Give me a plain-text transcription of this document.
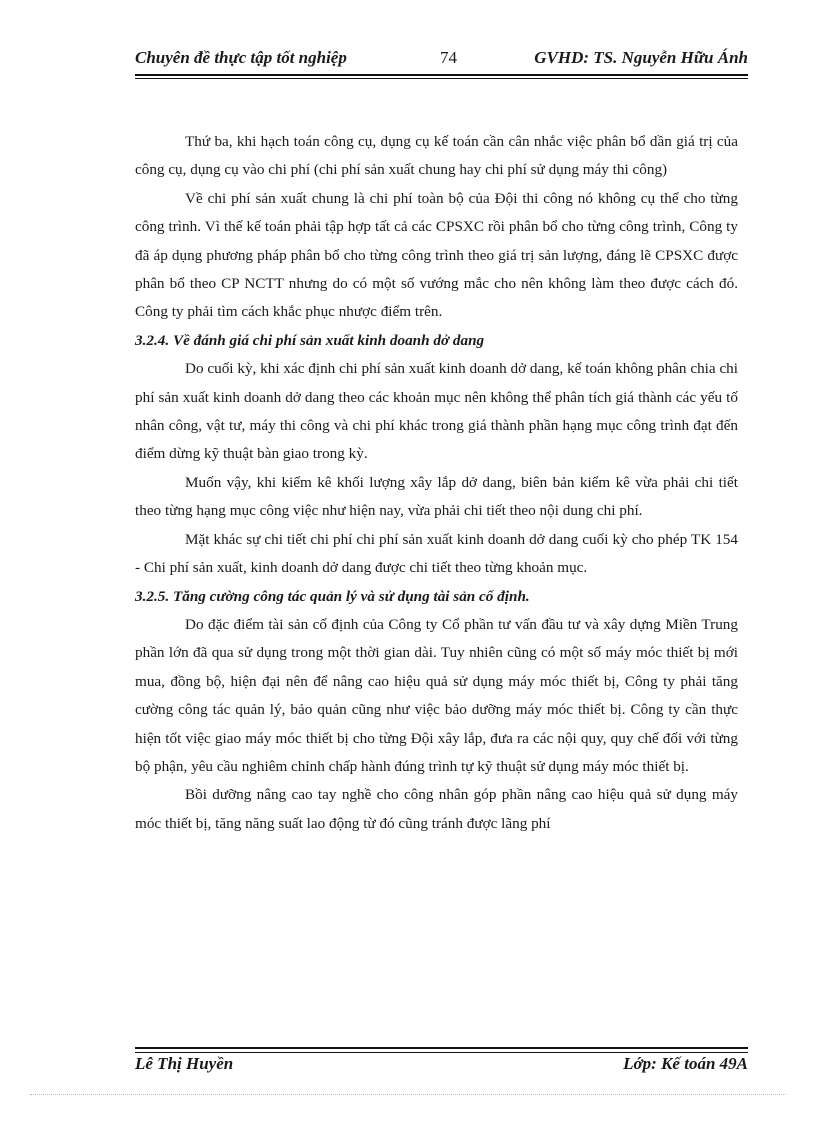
Chuyên đề thực tập tốt nghiệp	74	GVHD: TS. Nguyễn Hữu Ánh

Thứ ba, khi hạch toán công cụ, dụng cụ kế toán cần cân nhắc việc phân bổ dần giá trị của công cụ, dụng cụ vào chi phí (chi phí sản xuất chung hay chi phí sử dụng máy thi công)

Về chi phí sản xuất chung là chi phí toàn bộ của Đội thi công nó không cụ thể cho từng công trình. Vì thế kế toán phải tập hợp tất cả các CPSXC rồi phân bổ cho từng công trình, Công ty đã áp dụng phương pháp phân bổ cho từng công trình theo giá trị sản lượng, đáng lẽ CPSXC được phân bổ theo CP NCTT nhưng do có một số vướng mắc cho nên không làm theo được cách đó. Công ty phải tìm cách khắc phục nhược điểm trên.

3.2.4. Về đánh giá chi phí sản xuất kinh doanh dở dang

Do cuối kỳ, khi xác định chi phí sản xuất kinh doanh dở dang, kế toán không phân chia chi phí sản xuất kinh doanh dở dang theo các khoản mục nên không thể phân tích giá thành các yếu tố nhân công, vật tư, máy thi công và chi phí khác trong giá thành phần hạng mục công trình đạt đến điểm dừng kỹ thuật bàn giao trong kỳ.

Muốn vậy, khi kiểm kê khối lượng xây lắp dở dang, biên bản kiểm kê vừa phải chi tiết theo từng hạng mục công việc như hiện nay, vừa phải chi tiết theo nội dung chi phí.

Mặt khác sự chi tiết chi phí chi phí sản xuất kinh doanh dở dang cuối kỳ cho phép TK 154 - Chi phí sản xuất, kinh doanh dở dang được chi tiết theo từng khoản mục.

3.2.5. Tăng cường công tác quản lý và sử dụng tài sản cố định.

Do đặc điểm tài sản cố định của Công ty Cổ phần tư vấn đầu tư và xây dựng Miền Trung phần lớn đã qua sử dụng trong một thời gian dài. Tuy nhiên cũng có một số máy móc thiết bị mới mua, đồng bộ, hiện đại nên để nâng cao hiệu quả sử dụng máy móc thiết bị, Công ty phải tăng cường công tác quản lý, bảo quản cũng như việc bảo dưỡng máy móc thiết bị. Công ty cần thực hiện tốt việc giao máy móc thiết bị cho từng Đội xây lắp, đưa ra các nội quy, quy chế đối với từng bộ phận, yêu cầu nghiêm chỉnh chấp hành đúng trình tự kỹ thuật sử dụng máy móc thiết bị.

Bồi dưỡng nâng cao tay nghề cho công nhân góp phần nâng cao hiệu quả sử dụng máy móc thiết bị, tăng năng suất lao động từ đó cũng tránh được lãng phí

Lê Thị Huyền	Lớp: Kế toán 49A
